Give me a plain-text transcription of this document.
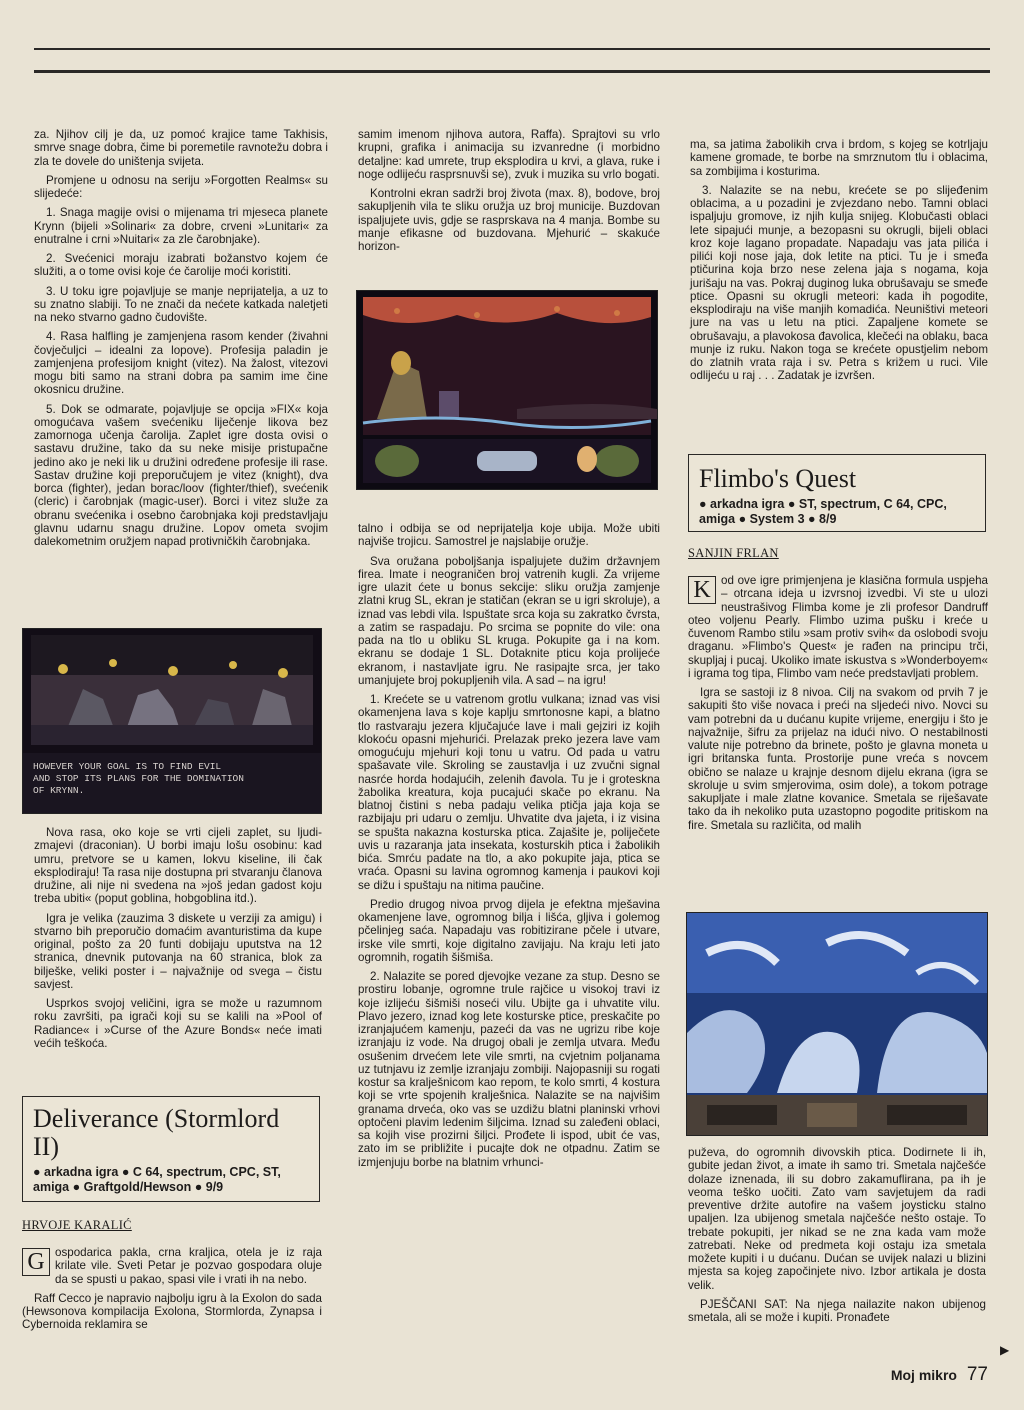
za. Njihov cilj je da, uz pomoć krajice tame Takhisis, smrve snage dobra, čime bi poremetile ravnotežu dobra i zla te dovele do uništenja svijeta.

Promjene u odnosu na seriju »Forgotten Realms« su slijedeće:

1. Snaga magije ovisi o mijenama tri mjeseca planete Krynn (bijeli »Solinari« za dobre, crveni »Lunitari« za enutralne i crni »Nuitari« za zle čarobnjake).

2. Svećenici moraju izabrati božanstvo kojem će služiti, a o tome ovisi koje će čarolije moći koristiti.

3. U toku igre pojavljuje se manje neprijatelja, a uz to su znatno slabiji. To ne znači da nećete katkada naletjeti na neko stvarno gadno čudovište.

4. Rasa halfling je zamjenjena rasom kender (živahni čovječuljci – idealni za lopove). Profesija paladin je zamjenjena profesijom knight (vitez). Na žalost, vitezovi mogu biti samo na strani dobra pa samim ime čine okosnicu družine.

5. Dok se odmarate, pojavljuje se opcija »FIX« koja omogućava vašem svećeniku liječenje likova bez zamornoga učenja čarolija. Zaplet igre dosta ovisi o sastavu družine, tako da su neke misije pristupačne jedino ako je neki lik u družini određene profesije ili rase. Sastav družine koji preporučujem je vitez (knight), dva borca (fighter), jedan borac/loov (fighter/thief), svećenik (cleric) i čarobnjak (magic-user). Borci i vitez služe za obranu svećenika i osebno čarobnjaka koji predstavljaju glavnu udarnu snagu družine. Lopov ometa svojim dalekometnim oružjem napad protivničkih čarobnjaka.

HOWEVER YOUR GOAL IS TO FIND EVIL
AND STOP ITS PLANS FOR THE DOMINATION
OF KRYNN.

Nova rasa, oko koje se vrti cijeli zaplet, su ljudi-zmajevi (draconian). U borbi imaju lošu osobinu: kad umru, pretvore se u kamen, lokvu kiseline, ili čak eksplodiraju! Ta rasa nije dostupna pri stvaranju članova družine, ali nije ni svedena na »još jedan gadost koju treba ubiti« (poput goblina, hobgoblina itd.).

Igra je velika (zauzima 3 diskete u verziji za amigu) i stvarno bih preporučio domaćim avanturistima da kupe original, pošto za 20 funti dobijaju uputstva na 12 stranica, dnevnik putovanja na 60 stranica, blok za bilješke, veliki poster i – najvažnije od svega – čistu savjest.

Usprkos svojoj veličini, igra se može u razumnom roku završiti, pa igrači koji su se kalili na »Pool of Radiance« i »Curse of the Azure Bonds« neće imati većih teškoća.

Deliverance (Stormlord II)
● arkadna igra ● C 64, spectrum, CPC, ST,
amiga ● Graftgold/Hewson ● 9/9
HRVOJE KARALIĆ
G ospodarica pakla, crna kraljica, otela je iz raja krilate vile. Sveti Petar je pozvao gospodara oluje da se spusti u pakao, spasi vile i vrati ih na nebo.

Raff Cecco je napravio najbolju igru à la Exolon do sada (Hewsonova kompilacija Exolona, Stormlorda, Zynapsa i Cybernoida reklamira se

samim imenom njihova autora, Raffa). Sprajtovi su vrlo krupni, grafika i animacija su izvanredne (i morbidno detaljne: kad umrete, trup eksplodira u krvi, a glava, ruke i noge odlijeću rasprsnuvši se), zvuk i muzika su vrlo bogati.

Kontrolni ekran sadrži broj života (max. 8), bodove, broj sakupljenih vila te sliku oružja uz broj municije. Buzdovan ispaljujete uvis, gdje se rasprskava na 4 manja. Bombe su manje efikasne od buzdovana. Mjehurić – skakuće horizon-

talno i odbija se od neprijatelja koje ubija. Može ubiti najviše trojicu. Samostrel je najslabije oružje.

Sva oružana poboljšanja ispaljujete dužim državnjem firea. Imate i neograničen broj vatrenih kugli. Za vrijeme igre ulazit ćete u bonus sekcije: sliku oružja zamjenje zlatni krug SL, ekran je statičan (ekran se u igri skroluje), a iznad vas lebdi vila. Ispuštate srca koja su zakratko čvrsta, a zatim se raspadaju. Po srcima se popnite do vile: ona pada na tlo u obliku SL kruga. Pokupite ga i na kom. ekranu se dodaje 1 SL. Dotaknite pticu koja prolijeće ekranom, i nastavljate igru. Ne rasipajte srca, jer tako umanjujete broj pokupljenih vila. A sad – na igru!

1. Krećete se u vatrenom grotlu vulkana; iznad vas visi okamenjena lava s koje kaplju smrtonosne kapi, a blatno tlo rastvaraju jezera ključajuće lave i mali gejziri iz kojih klokoću opasni mjehurići. Prelazak preko jezera lave vam omogućuju mjehuri koji tonu u vatru. Od pada u vatru spašavate vile. Skroling se zaustavlja i uz zvučni signal nasrće horda hodajućih, zelenih đavola. Tu je i groteskna žabolika kreatura, koja pucajući skače po ekranu. Na blatnoj čistini s neba padaju velika ptičja jaja koja se razbijaju pri udaru o zemlju. Uhvatite dva jajeta, i iz visina se spušta nakazna kosturska ptica. Zajašite je, poliječete uvis u razaranja jata insekata, kosturskih ptica i žabolikih bića. Smrću padate na tlo, a ako pokupite jaja, ptica se vraća. Opasni su lavina ogromnog kamenja i paukovi koji se dižu i spuštaju na nitima paučine.

Predio drugog nivoa prvog dijela je efektna mješavina okamenjene lave, ogromnog bilja i lišća, gljiva i golemog pčelinjeg saća. Napadaju vas robitizirane pčele i utvare, irske vile smrti, koje digitalno zavijaju. Na kraju leti jato ogromnih, rogatih šišmiša.

2. Nalazite se pored djevojke vezane za stup. Desno se prostiru lobanje, ogromne trule rajčice u visokoj travi iz koje izlijeću šišmiši noseći vilu. Ubijte ga i uhvatite vilu. Plavo jezero, iznad kog lete kosturske ptice, preskačite po izranjajućem kamenju, pazeći da vas ne ugrizu ribe koje izranjaju iz vode. Na drugoj obali je zemlja utvara. Među osušenim drvećem lete vile smrti, na cvjetnim poljanama uz tutnjavu iz zemlje izranjaju zombiji. Najopasniji su rogati kostur sa kralješnicom kao repom, te kolo smrti, 4 kostura koji se vrte spojenih kralješnica. Nalazite se na najvišim granama drveća, oko vas se uzdižu blatni planinski vrhovi optočeni plavim ledenim šiljcima. Iznad su zaleđeni oblaci, sa kojih vise prozirni šiljci. Prođete li ispod, ubit će vas, zato im se približite i pucajte dok ne otpadnu. Zatim se izmjenjuju borbe na blatnim vrhunci-

ma, sa jatima žabolikih crva i brdom, s kojeg se kotrljaju kamene gromade, te borbe na smrznutom tlu i oblacima, sa zombijima i kosturima.

3. Nalazite se na nebu, krećete se po slijeđenim oblacima, a u pozadini je zvjezdano nebo. Tamni oblaci ispaljuju gromove, iz njih kulja snijeg. Klobučasti oblaci lete sipajući munje, a bezopasni su okrugli, bijeli oblaci kroz koje lagano propadate. Napadaju vas jata pilića i pilići koji nose jaja, dok letite na ptici. Tu je i smeđa ptičurina koja brzo nese zelena jaja s nogama, koja jurišaju na vas. Pokraj duginog luka obrušavaju se smeđe ptice. Opasni su okrugli meteori: kada ih pogodite, eksplodiraju na više manjih komadića. Neuništivi meteori jure na vas u letu na ptici. Zapaljene komete se obrušavaju, a plavokosa đavolica, klečeći na oblaku, baca munje iz ruku. Nakon toga se krećete opustjelim nebom do zlatnih vrata raja i sv. Petra s križem u ruci. Vile odlijeću u raj . . . Zadatak je izvršen.

Flimbo's Quest
● arkadna igra ● ST, spectrum, C 64, CPC,
amiga ● System 3 ● 8/9
SANJIN FRLAN
K od ove igre primjenjena je klasična formula uspjeha – otrcana ideja u izvrsnoj izvedbi. Vi ste u ulozi neustrašivog Flimba kome je zli profesor Dandruff oteo voljenu Pearly. Flimbo uzima pušku i kreće u čuvenom Rambo stilu »sam protiv svih« da oslobodi svoju draganu. »Flimbo's Quest« je rađen na principu trči, skupljaj i pucaj. Ukoliko imate iskustva s »Wonderboyem« i igrama tog tipa, Flimbo vam neće predstavljati problem.

Igra se sastoji iz 8 nivoa. Cilj na svakom od prvih 7 je sakupiti što više novaca i preći na sljedeći nivo. Novci su vam potrebni da u dućanu kupite vrijeme, energiju i što je najvažnije, šifru za prijelaz na idući nivo. O nestabilnosti valute nije potrebno da brinete, pošto je glavna moneta u igri britanska funta. Prostorije pune vreća s novcem obično se nalaze u krajnje desnom dijelu ekrana (igra se skroluje u svim smjerovima, osim dole), a tokom potrage sakupljate i male zlatne kovanice. Smetala se riješavate tako da ih nekoliko puta uzastopno pogodite pritiskom na fire. Smetala su različita, od malih

puževa, do ogromnih divovskih ptica. Dodirnete li ih, gubite jedan život, a imate ih samo tri. Smetala najčešće dolaze iznenada, ili su dobro zakamuflirana, pa ih je veoma teško uočiti. Zato vam savjetujem da radi preventive držite autofire na vašem joysticku stalno upaljen. Iza ubijenog smetala najčešće nešto ostaje. To trebate pokupiti, jer nikad se ne zna kada vam može zatrebati. Neke od predmeta koji ostaju iza smetala možete kupiti i u dućanu. Dućan se uvijek nalazi u blizini mjesta sa kojeg započinjete nivo. Izbor artikala je dosta velik.

PJEŠČANI SAT: Na njega nailazite nakon ubijenog smetala, ali se može i kupiti. Pronađete

▶
Moj mikro 77
